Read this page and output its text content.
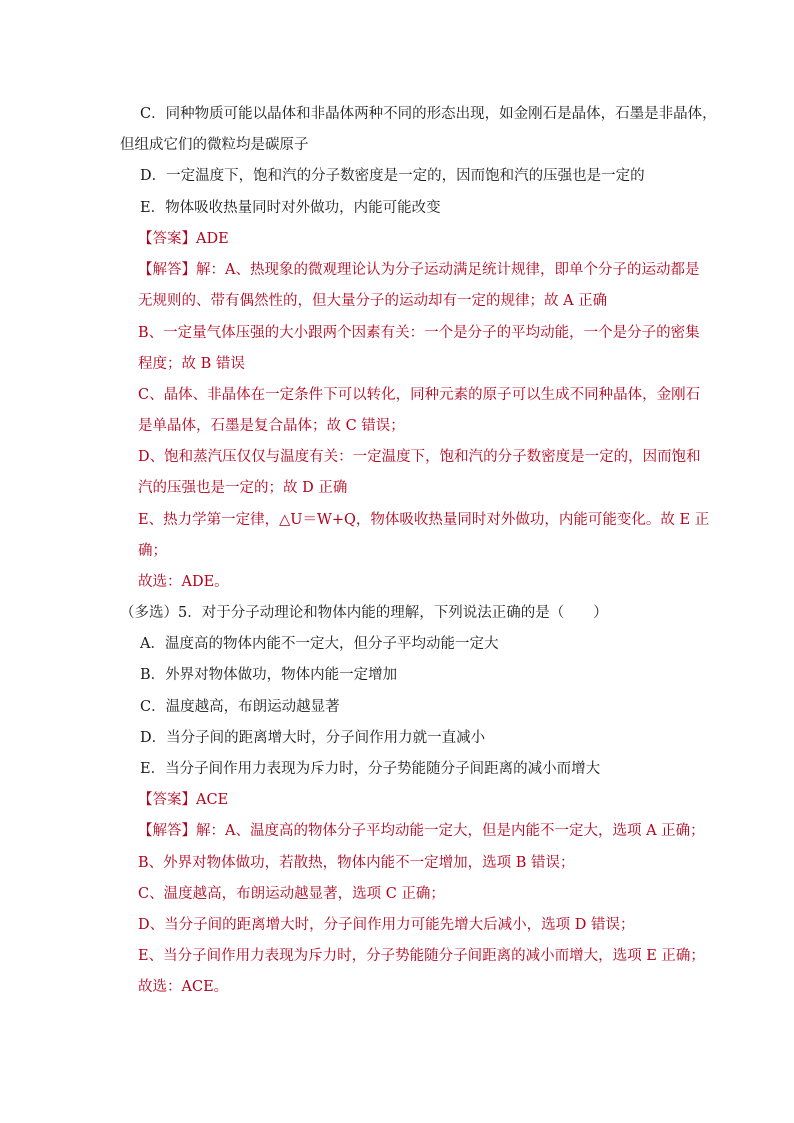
C．同种物质可能以晶体和非晶体两种不同的形态出现，如金刚石是晶体，石墨是非晶体，
但组成它们的微粒均是碳原子
D．一定温度下，饱和汽的分子数密度是一定的，因而饱和汽的压强也是一定的
E．物体吸收热量同时对外做功，内能可能改变
【答案】ADE
【解答】解：A、热现象的微观理论认为分子运动满足统计规律，即单个分子的运动都是
无规则的、带有偶然性的，但大量分子的运动却有一定的规律；故 A 正确
B、一定量气体压强的大小跟两个因素有关：一个是分子的平均动能，一个是分子的密集
程度；故 B 错误
C、晶体、非晶体在一定条件下可以转化，同种元素的原子可以生成不同种晶体，金刚石
是单晶体，石墨是复合晶体；故 C 错误；
D、饱和蒸汽压仅仅与温度有关：一定温度下，饱和汽的分子数密度是一定的，因而饱和
汽的压强也是一定的；故 D 正确
E、热力学第一定律，△U＝W+Q，物体吸收热量同时对外做功，内能可能变化。故 E 正
确；
故选：ADE。
（多选）5．对于分子动理论和物体内能的理解，下列说法正确的是（　　）
A．温度高的物体内能不一定大，但分子平均动能一定大
B．外界对物体做功，物体内能一定增加
C．温度越高，布朗运动越显著
D．当分子间的距离增大时，分子间作用力就一直减小
E．当分子间作用力表现为斥力时，分子势能随分子间距离的减小而增大
【答案】ACE
【解答】解：A、温度高的物体分子平均动能一定大，但是内能不一定大，选项 A 正确；
B、外界对物体做功，若散热，物体内能不一定增加，选项 B 错误；
C、温度越高，布朗运动越显著，选项 C 正确；
D、当分子间的距离增大时，分子间作用力可能先增大后减小，选项 D 错误；
E、当分子间作用力表现为斥力时，分子势能随分子间距离的减小而增大，选项 E 正确；
故选：ACE。
